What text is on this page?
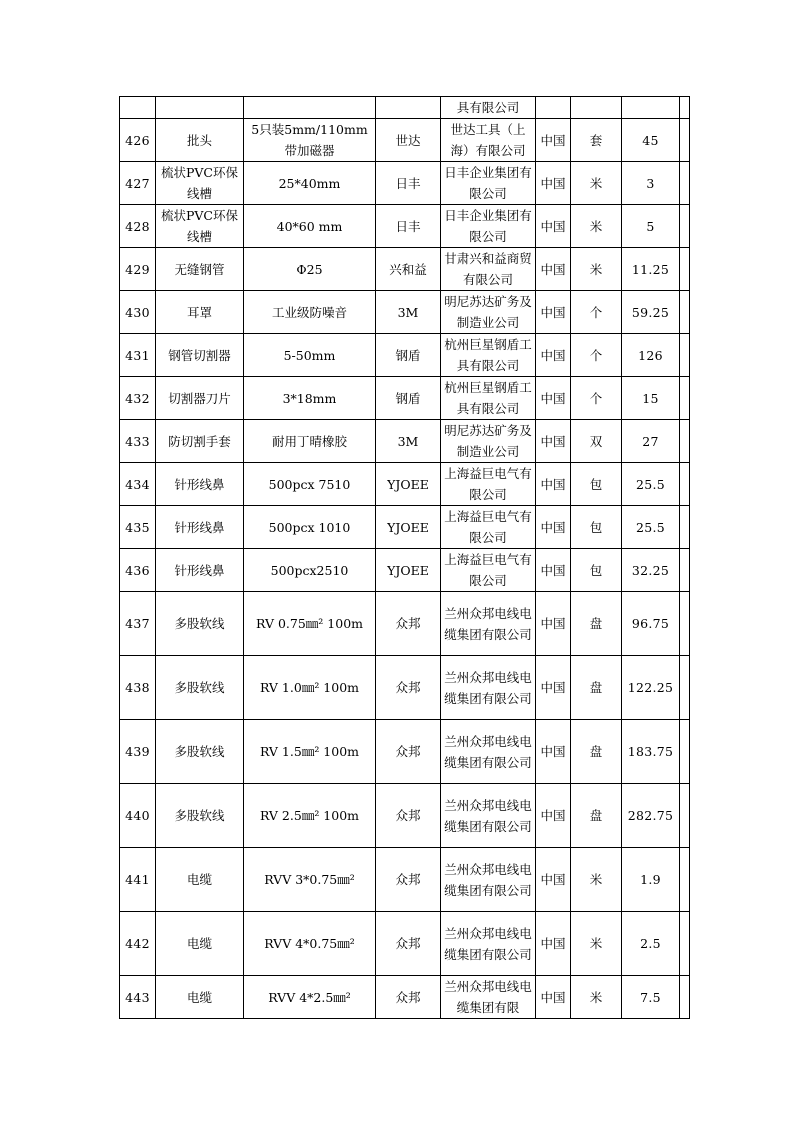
				具有限公司				
426	批头	5只装5mm/110mm 带加磁器	世达	世达工具（上海）有限公司	中国	套	45	
427	梳状PVC环保线槽	25*40mm	日丰	日丰企业集团有限公司	中国	米	3	
428	梳状PVC环保线槽	40*60 mm	日丰	日丰企业集团有限公司	中国	米	5	
429	无缝钢管	Φ25	兴和益	甘肃兴和益商贸有限公司	中国	米	11.25	
430	耳罩	工业级防噪音	3M	明尼苏达矿务及制造业公司	中国	个	59.25	
431	钢管切割器	5-50mm	钢盾	杭州巨星钢盾工具有限公司	中国	个	126	
432	切割器刀片	3*18mm	钢盾	杭州巨星钢盾工具有限公司	中国	个	15	
433	防切割手套	耐用丁晴橡胶	3M	明尼苏达矿务及制造业公司	中国	双	27	
434	针形线鼻	500pcx 7510	YJOEE	上海益巨电气有限公司	中国	包	25.5	
435	针形线鼻	500pcx 1010	YJOEE	上海益巨电气有限公司	中国	包	25.5	
436	针形线鼻	500pcx2510	YJOEE	上海益巨电气有限公司	中国	包	32.25	
437	多股软线	RV 0.75㎜² 100m	众邦	兰州众邦电线电缆集团有限公司	中国	盘	96.75	
438	多股软线	RV 1.0㎜² 100m	众邦	兰州众邦电线电缆集团有限公司	中国	盘	122.25	
439	多股软线	RV 1.5㎜² 100m	众邦	兰州众邦电线电缆集团有限公司	中国	盘	183.75	
440	多股软线	RV 2.5㎜² 100m	众邦	兰州众邦电线电缆集团有限公司	中国	盘	282.75	
441	电缆	RVV 3*0.75㎜²	众邦	兰州众邦电线电缆集团有限公司	中国	米	1.9	
442	电缆	RVV 4*0.75㎜²	众邦	兰州众邦电线电缆集团有限公司	中国	米	2.5	
443	电缆	RVV 4*2.5㎜²	众邦	兰州众邦电线电缆集团有限	中国	米	7.5	
